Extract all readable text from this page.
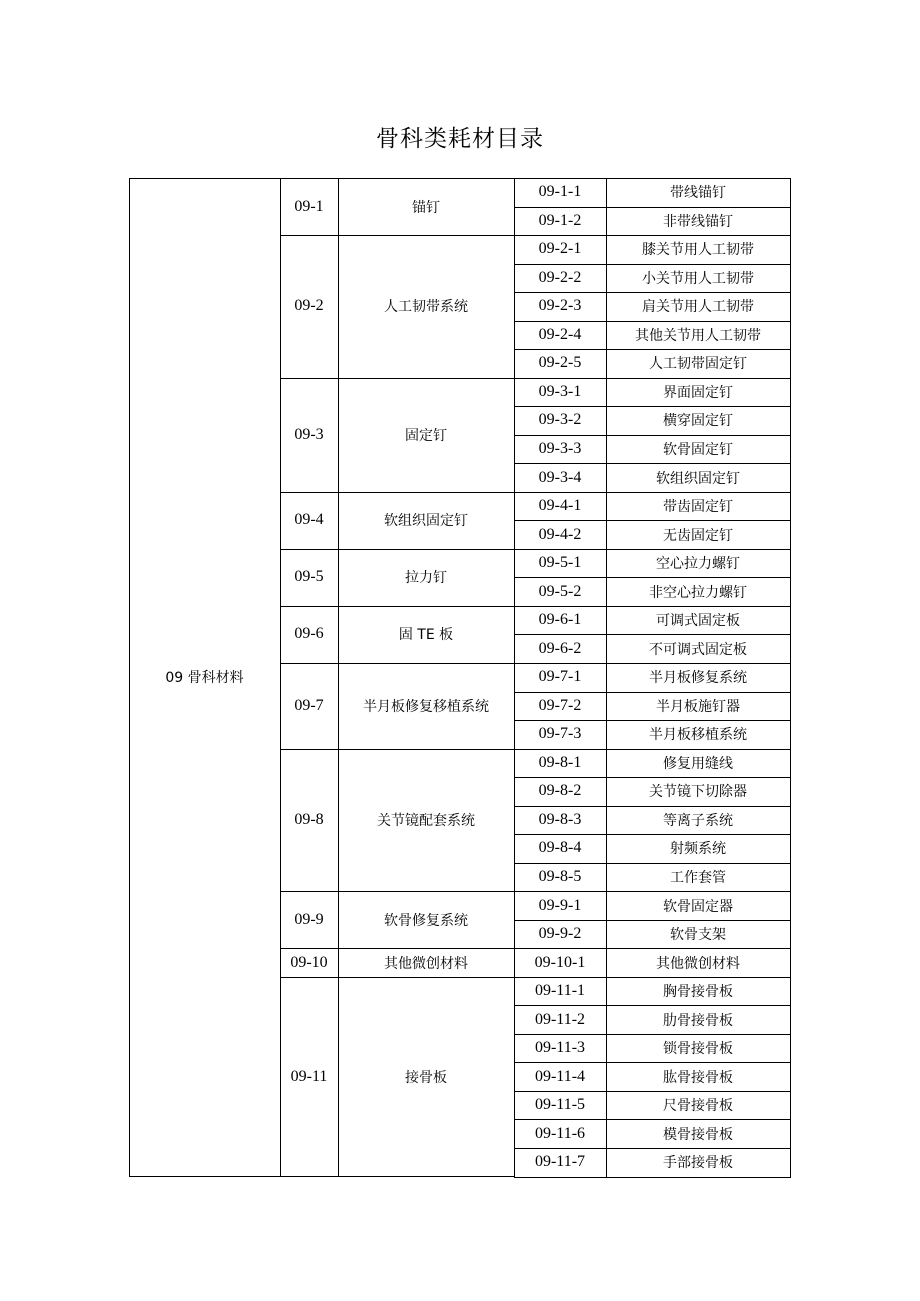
骨科类耗材目录
09-1	锚钉
09-1-1	带线锚钉
09-1-2	非带线锚钉
09-2	人工韧带系统
09-2-1	膝关节用人工韧带
09-2-2	小关节用人工韧带
09-2-3	肩关节用人工韧带
09-2-4	其他关节用人工韧带
09-2-5	人工韧带固定钉
09-3	固定钉
09-3-1	界面固定钉
09-3-2	横穿固定钉
09-3-3	软骨固定钉
09-3-4	软组织固定钉
09-4	软组织固定钉
09-4-1	带齿固定钉
09-4-2	无齿固定钉
09-5	拉力钉
09-5-1	空心拉力螺钉
09-5-2	非空心拉力螺钉
09-6	固 TE 板
09-6-1	可调式固定板
09-6-2	不可调式固定板
09-7	半月板修复移植系统
09-7-1	半月板修复系统
09-7-2	半月板施钉器
09-7-3	半月板移植系统
09-8	关节镜配套系统
09-8-1	修复用缝线
09-8-2	关节镜下切除器
09-8-3	等离子系统
09-8-4	射频系统
09-8-5	工作套管
09-9	软骨修复系统
09-9-1	软骨固定器
09-9-2	软骨支架
09-10	其他微创材料	09-10-1	其他微创材料
09-11	接骨板
09-11-1	胸骨接骨板
09-11-2	肋骨接骨板
09-11-3	锁骨接骨板
09-11-4	肱骨接骨板
09-11-5	尺骨接骨板
09-11-6	模骨接骨板
09-11-7	手部接骨板
09 骨科材料
